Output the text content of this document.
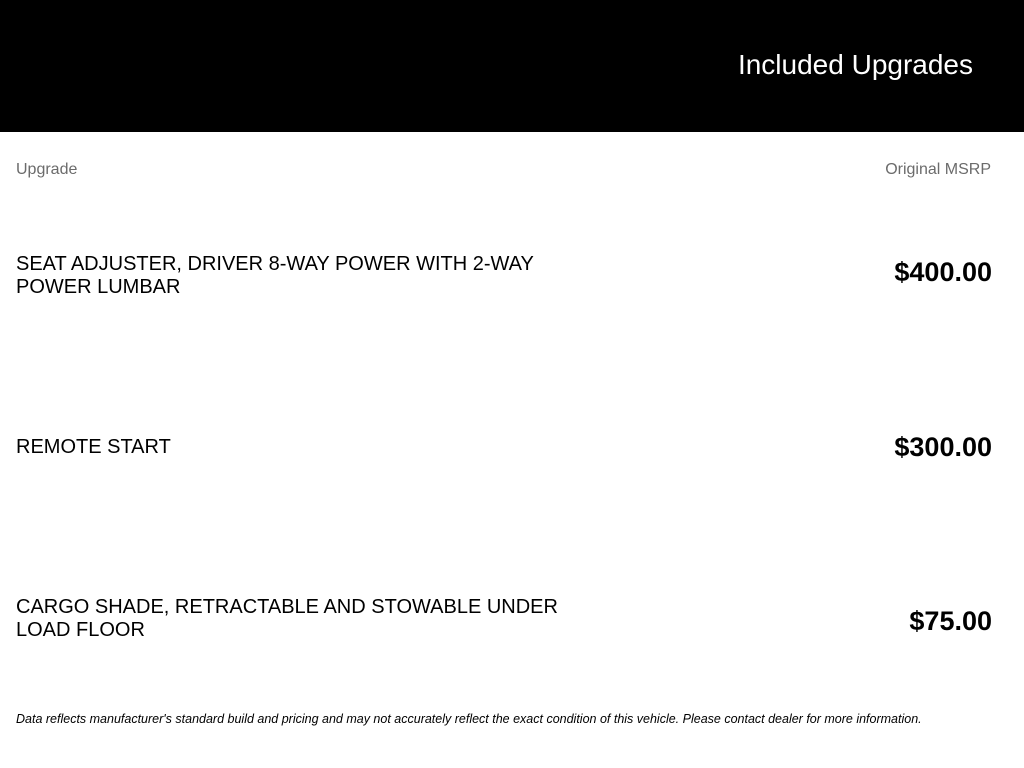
Included Upgrades
Upgrade	Original MSRP
SEAT ADJUSTER, DRIVER 8-WAY POWER WITH 2-WAY POWER LUMBAR	$400.00
REMOTE START	$300.00
CARGO SHADE, RETRACTABLE AND STOWABLE UNDER LOAD FLOOR	$75.00
Data reflects manufacturer's standard build and pricing and may not accurately reflect the exact condition of this vehicle. Please contact dealer for more information.
